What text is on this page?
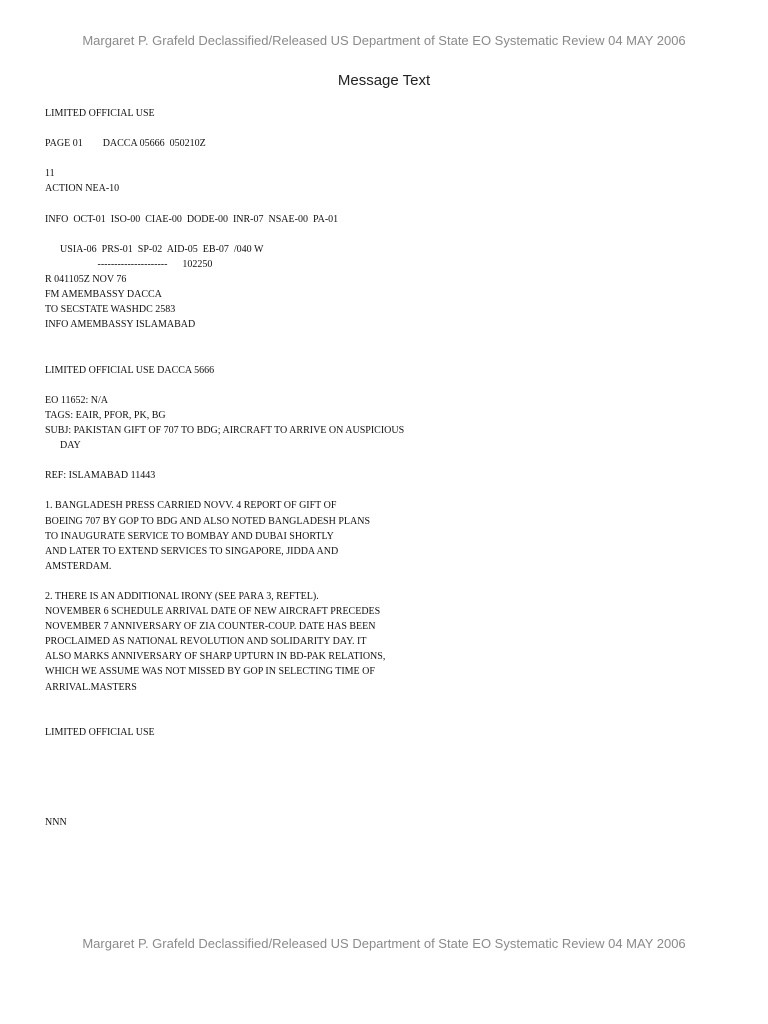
Margaret P. Grafeld Declassified/Released US Department of State EO Systematic Review 04 MAY 2006
Message Text
LIMITED OFFICIAL USE
PAGE 01        DACCA 05666  050210Z
11
ACTION NEA-10
INFO  OCT-01  ISO-00  CIAE-00  DODE-00  INR-07  NSAE-00  PA-01
USIA-06  PRS-01  SP-02  AID-05  EB-07  /040 W
---------------------      102250
R 041105Z NOV 76
FM AMEMBASSY DACCA
TO SECSTATE WASHDC 2583
INFO AMEMBASSY ISLAMABAD
LIMITED OFFICIAL USE DACCA 5666
EO 11652: N/A
TAGS: EAIR, PFOR, PK, BG
SUBJ: PAKISTAN GIFT OF 707 TO BDG; AIRCRAFT TO ARRIVE ON AUSPICIOUS
DAY
REF: ISLAMABAD 11443
1. BANGLADESH PRESS CARRIED NOVV. 4 REPORT OF GIFT OF
BOEING 707 BY GOP TO BDG AND ALSO NOTED BANGLADESH PLANS
TO INAUGURATE SERVICE TO BOMBAY AND DUBAI SHORTLY
AND LATER TO EXTEND SERVICES TO SINGAPORE, JIDDA AND
AMSTERDAM.
2. THERE IS AN ADDITIONAL IRONY (SEE PARA 3, REFTEL).
NOVEMBER 6 SCHEDULE ARRIVAL DATE OF NEW AIRCRAFT PRECEDES
NOVEMBER 7 ANNIVERSARY OF ZIA COUNTER-COUP. DATE HAS BEEN
PROCLAIMED AS NATIONAL REVOLUTION AND SOLIDARITY DAY. IT
ALSO MARKS ANNIVERSARY OF SHARP UPTURN IN BD-PAK RELATIONS,
WHICH WE ASSUME WAS NOT MISSED BY GOP IN SELECTING TIME OF
ARRIVAL.MASTERS
LIMITED OFFICIAL USE
NNN
Margaret P. Grafeld Declassified/Released US Department of State EO Systematic Review 04 MAY 2006
